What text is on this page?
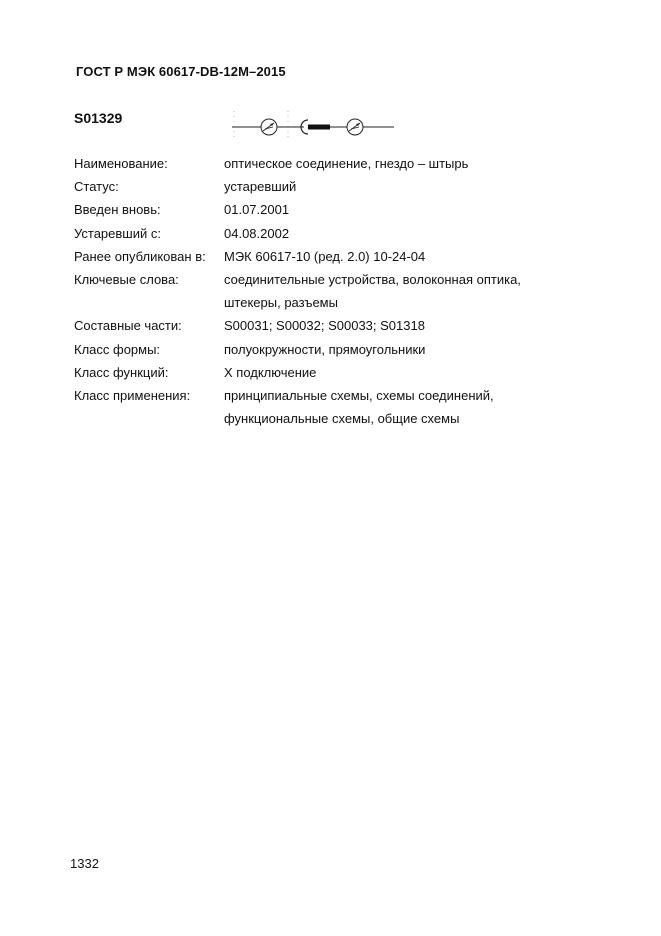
ГОСТ Р МЭК 60617-DB-12M–2015
S01329
Наименование:	оптическое соединение, гнездо – штырь
Статус:	устаревший
Введен вновь:	01.07.2001
Устаревший с:	04.08.2002
Ранее опубликован в:	МЭК 60617-10 (ред. 2.0) 10-24-04
Ключевые слова:	соединительные устройства, волоконная оптика,
штекеры, разъемы
Составные части:	S00031; S00032; S00033; S01318
Класс формы:	полуокружности, прямоугольники
Класс функций:	X подключение
Класс применения:	принципиальные схемы, схемы соединений,
функциональные схемы, общие схемы
1332
